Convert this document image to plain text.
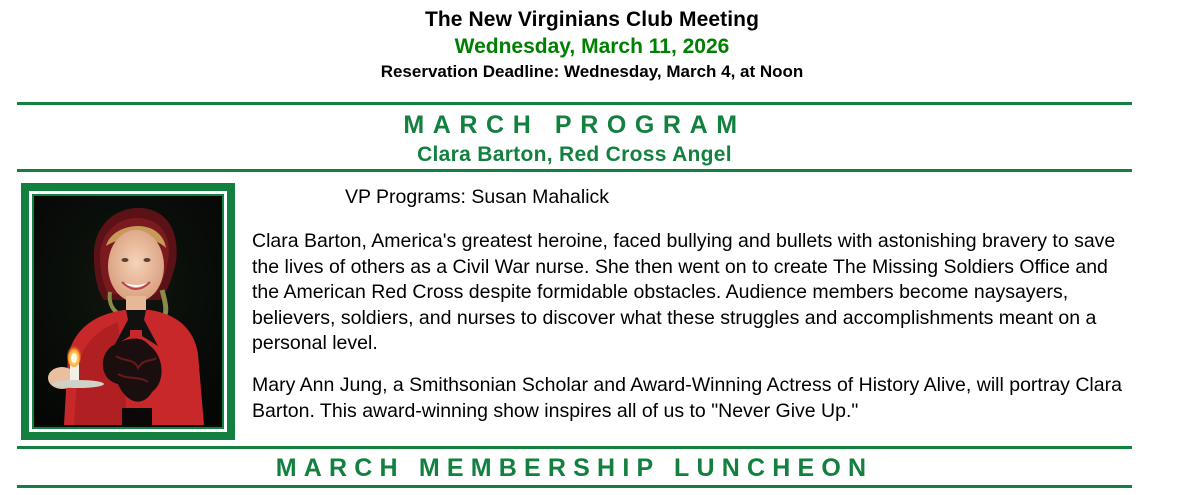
The New Virginians Club Meeting
Wednesday, March 11, 2026
Reservation Deadline: Wednesday, March 4, at Noon
MARCH PROGRAM
Clara Barton, Red Cross Angel
VP Programs: Susan Mahalick

Clara Barton, America's greatest heroine, faced bullying and bullets with astonishing bravery to save the lives of others as a Civil War nurse. She then went on to create The Missing Soldiers Office and the American Red Cross despite formidable obstacles. Audience members become naysayers, believers, soldiers, and nurses to discover what these struggles and accomplishments meant on a personal level.

Mary Ann Jung, a Smithsonian Scholar and Award-Winning Actress of History Alive, will portray Clara Barton. This award-winning show inspires all of us to "Never Give Up."

MARCH MEMBERSHIP LUNCHEON
